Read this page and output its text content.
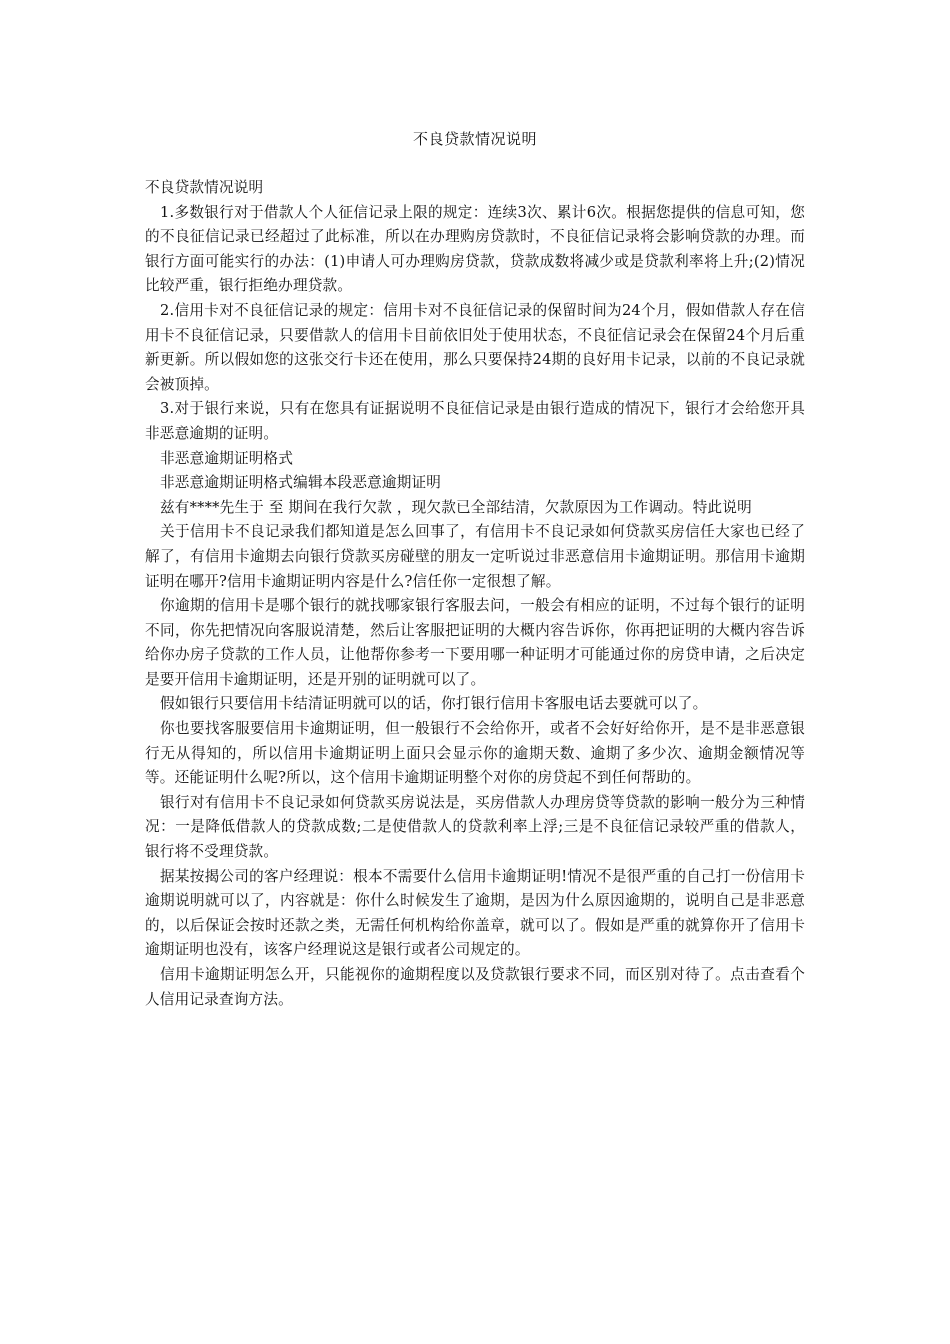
不良贷款情况说明

不良贷款情况说明

1.多数银行对于借款人个人征信记录上限的规定：连续3次、累计6次。根据您提供的信息可知，您的不良征信记录已经超过了此标准，所以在办理购房贷款时，不良征信记录将会影响贷款的办理。而银行方面可能实行的办法：(1)申请人可办理购房贷款，贷款成数将减少或是贷款利率将上升;(2)情况比较严重，银行拒绝办理贷款。

2.信用卡对不良征信记录的规定：信用卡对不良征信记录的保留时间为24个月，假如借款人存在信用卡不良征信记录，只要借款人的信用卡目前依旧处于使用状态，不良征信记录会在保留24个月后重新更新。所以假如您的这张交行卡还在使用，那么只要保持24期的良好用卡记录，以前的不良记录就会被顶掉。

3.对于银行来说，只有在您具有证据说明不良征信记录是由银行造成的情况下，银行才会给您开具非恶意逾期的证明。

非恶意逾期证明格式

非恶意逾期证明格式编辑本段恶意逾期证明

兹有****先生于 至 期间在我行欠款 ，现欠款已全部结清，欠款原因为工作调动。特此说明

关于信用卡不良记录我们都知道是怎么回事了，有信用卡不良记录如何贷款买房信任大家也已经了解了，有信用卡逾期去向银行贷款买房碰壁的朋友一定听说过非恶意信用卡逾期证明。那信用卡逾期证明在哪开?信用卡逾期证明内容是什么?信任你一定很想了解。

你逾期的信用卡是哪个银行的就找哪家银行客服去问，一般会有相应的证明，不过每个银行的证明不同，你先把情况向客服说清楚，然后让客服把证明的大概内容告诉你，你再把证明的大概内容告诉给你办房子贷款的工作人员，让他帮你参考一下要用哪一种证明才可能通过你的房贷申请，之后决定是要开信用卡逾期证明，还是开别的证明就可以了。

假如银行只要信用卡结清证明就可以的话，你打银行信用卡客服电话去要就可以了。

你也要找客服要信用卡逾期证明，但一般银行不会给你开，或者不会好好给你开，是不是非恶意银行无从得知的，所以信用卡逾期证明上面只会显示你的逾期天数、逾期了多少次、逾期金额情况等等。还能证明什么呢?所以，这个信用卡逾期证明整个对你的房贷起不到任何帮助的。

银行对有信用卡不良记录如何贷款买房说法是，买房借款人办理房贷等贷款的影响一般分为三种情况：一是降低借款人的贷款成数;二是使借款人的贷款利率上浮;三是不良征信记录较严重的借款人，银行将不受理贷款。

据某按揭公司的客户经理说：根本不需要什么信用卡逾期证明!情况不是很严重的自己打一份信用卡逾期说明就可以了，内容就是：你什么时候发生了逾期，是因为什么原因逾期的，说明自己是非恶意的，以后保证会按时还款之类，无需任何机构给你盖章，就可以了。假如是严重的就算你开了信用卡逾期证明也没有，该客户经理说这是银行或者公司规定的。

信用卡逾期证明怎么开，只能视你的逾期程度以及贷款银行要求不同，而区别对待了。点击查看个人信用记录查询方法。
